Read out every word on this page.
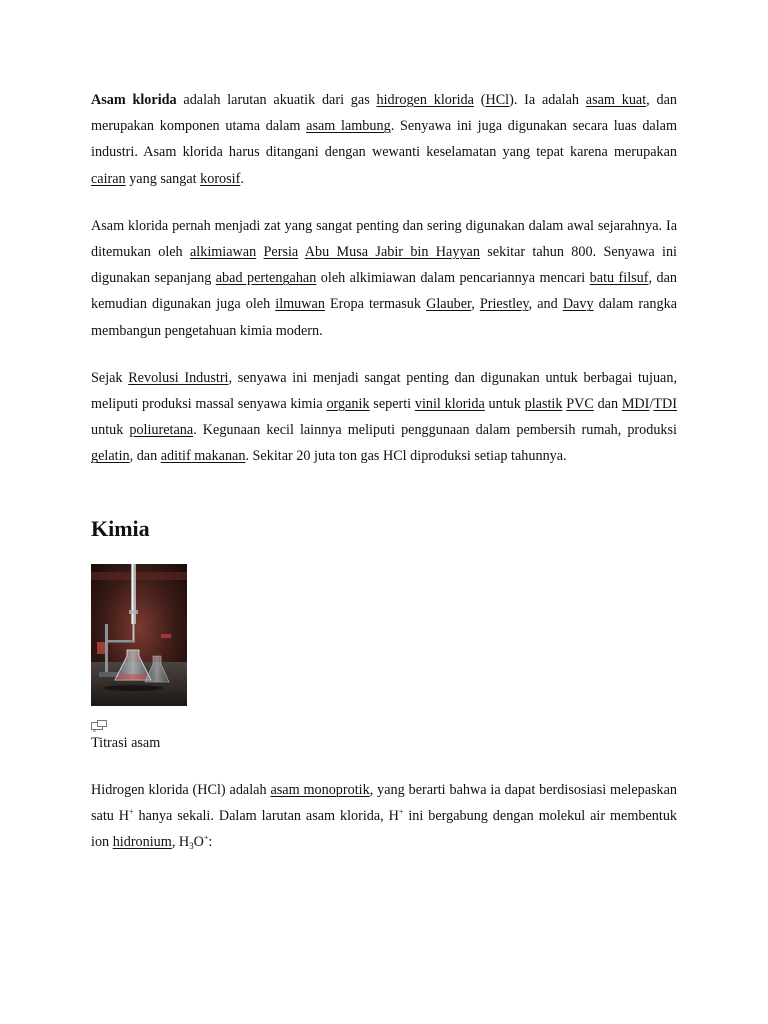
Asam klorida adalah larutan akuatik dari gas hidrogen klorida (HCl). Ia adalah asam kuat, dan merupakan komponen utama dalam asam lambung. Senyawa ini juga digunakan secara luas dalam industri. Asam klorida harus ditangani dengan wewanti keselamatan yang tepat karena merupakan cairan yang sangat korosif.

Asam klorida pernah menjadi zat yang sangat penting dan sering digunakan dalam awal sejarahnya. Ia ditemukan oleh alkimiawan Persia Abu Musa Jabir bin Hayyan sekitar tahun 800. Senyawa ini digunakan sepanjang abad pertengahan oleh alkimiawan dalam pencariannya mencari batu filsuf, dan kemudian digunakan juga oleh ilmuwan Eropa termasuk Glauber, Priestley, and Davy dalam rangka membangun pengetahuan kimia modern.

Sejak Revolusi Industri, senyawa ini menjadi sangat penting dan digunakan untuk berbagai tujuan, meliputi produksi massal senyawa kimia organik seperti vinil klorida untuk plastik PVC dan MDI/TDI untuk poliuretana. Kegunaan kecil lainnya meliputi penggunaan dalam pembersih rumah, produksi gelatin, dan aditif makanan. Sekitar 20 juta ton gas HCl diproduksi setiap tahunnya.

Kimia
Titrasi asam

Hidrogen klorida (HCl) adalah asam monoprotik, yang berarti bahwa ia dapat berdisosiasi melepaskan satu H+ hanya sekali. Dalam larutan asam klorida, H+ ini bergabung dengan molekul air membentuk ion hidronium, $H_3O^+$:
